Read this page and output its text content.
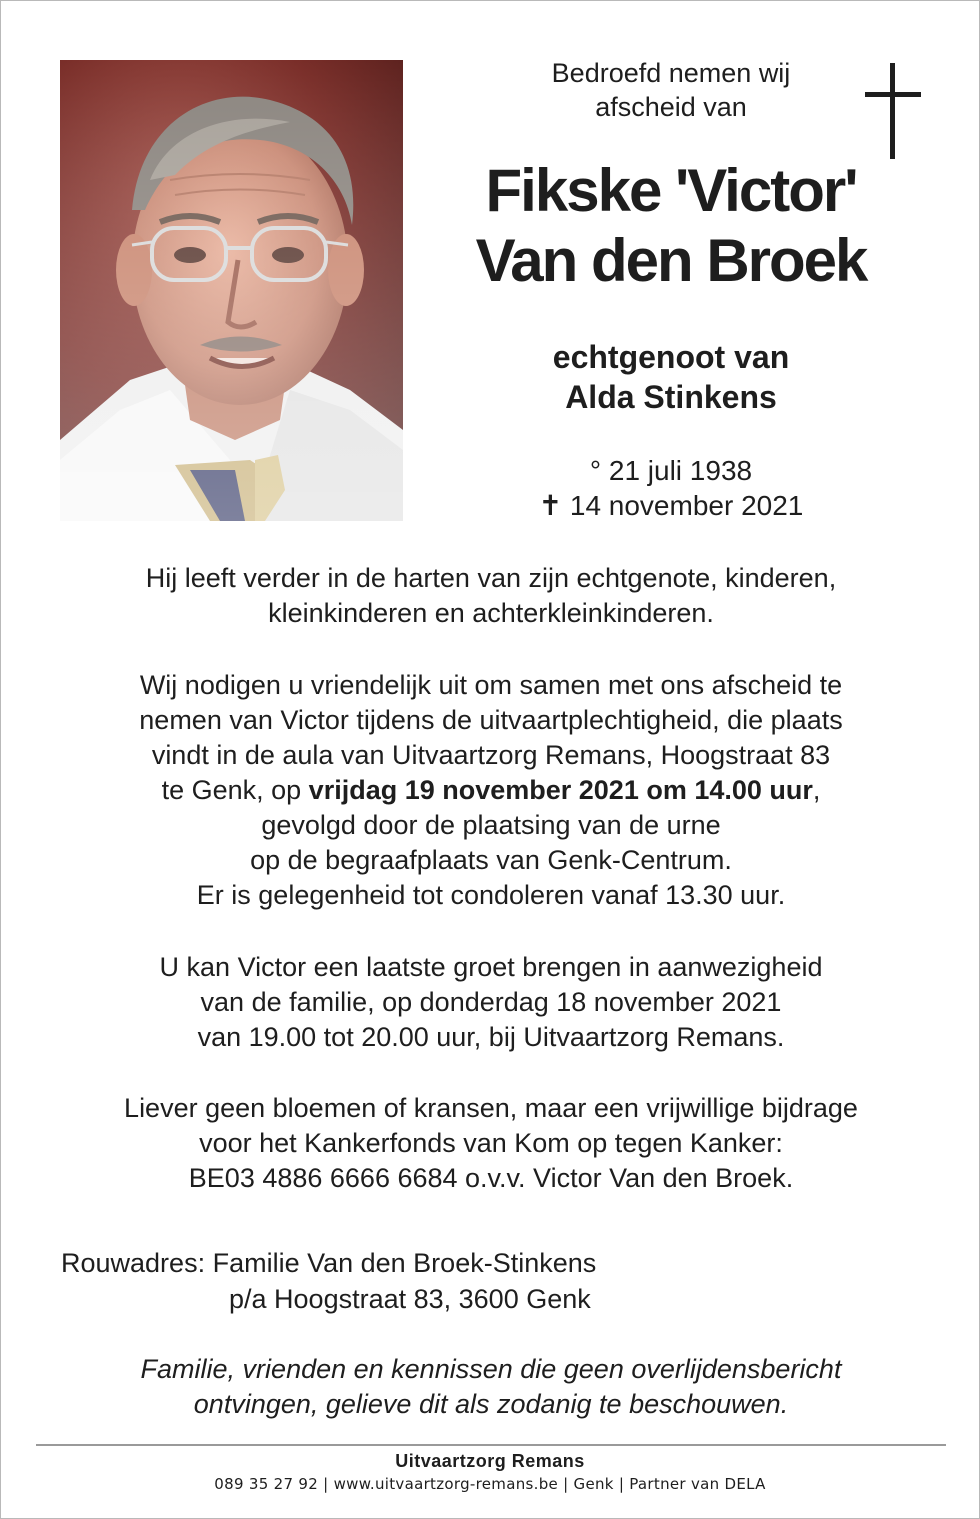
Bedroefd nemen wij
afscheid van
Fikske 'Victor'
Van den Broek
echtgenoot van
Alda Stinkens
° 21 juli 1938
✝ 14 november 2021
Hij leeft verder in de harten van zijn echtgenote, kinderen,
kleinkinderen en achterkleinkinderen.
Wij nodigen u vriendelijk uit om samen met ons afscheid te
nemen van Victor tijdens de uitvaartplechtigheid, die plaats
vindt in de aula van Uitvaartzorg Remans, Hoogstraat 83
te Genk, op vrijdag 19 november 2021 om 14.00 uur,
gevolgd door de plaatsing van de urne
op de begraafplaats van Genk-Centrum.
Er is gelegenheid tot condoleren vanaf 13.30 uur.
U kan Victor een laatste groet brengen in aanwezigheid
van de familie, op donderdag 18 november 2021
van 19.00 tot 20.00 uur, bij Uitvaartzorg Remans.
Liever geen bloemen of kransen, maar een vrijwillige bijdrage
voor het Kankerfonds van Kom op tegen Kanker:
BE03 4886 6666 6684 o.v.v. Victor Van den Broek.
Rouwadres: Familie Van den Broek-Stinkens
p/a Hoogstraat 83, 3600 Genk
Familie, vrienden en kennissen die geen overlijdensbericht
ontvingen, gelieve dit als zodanig te beschouwen.
Uitvaartzorg Remans
089 35 27 92 | www.uitvaartzorg-remans.be | Genk | Partner van DELA
